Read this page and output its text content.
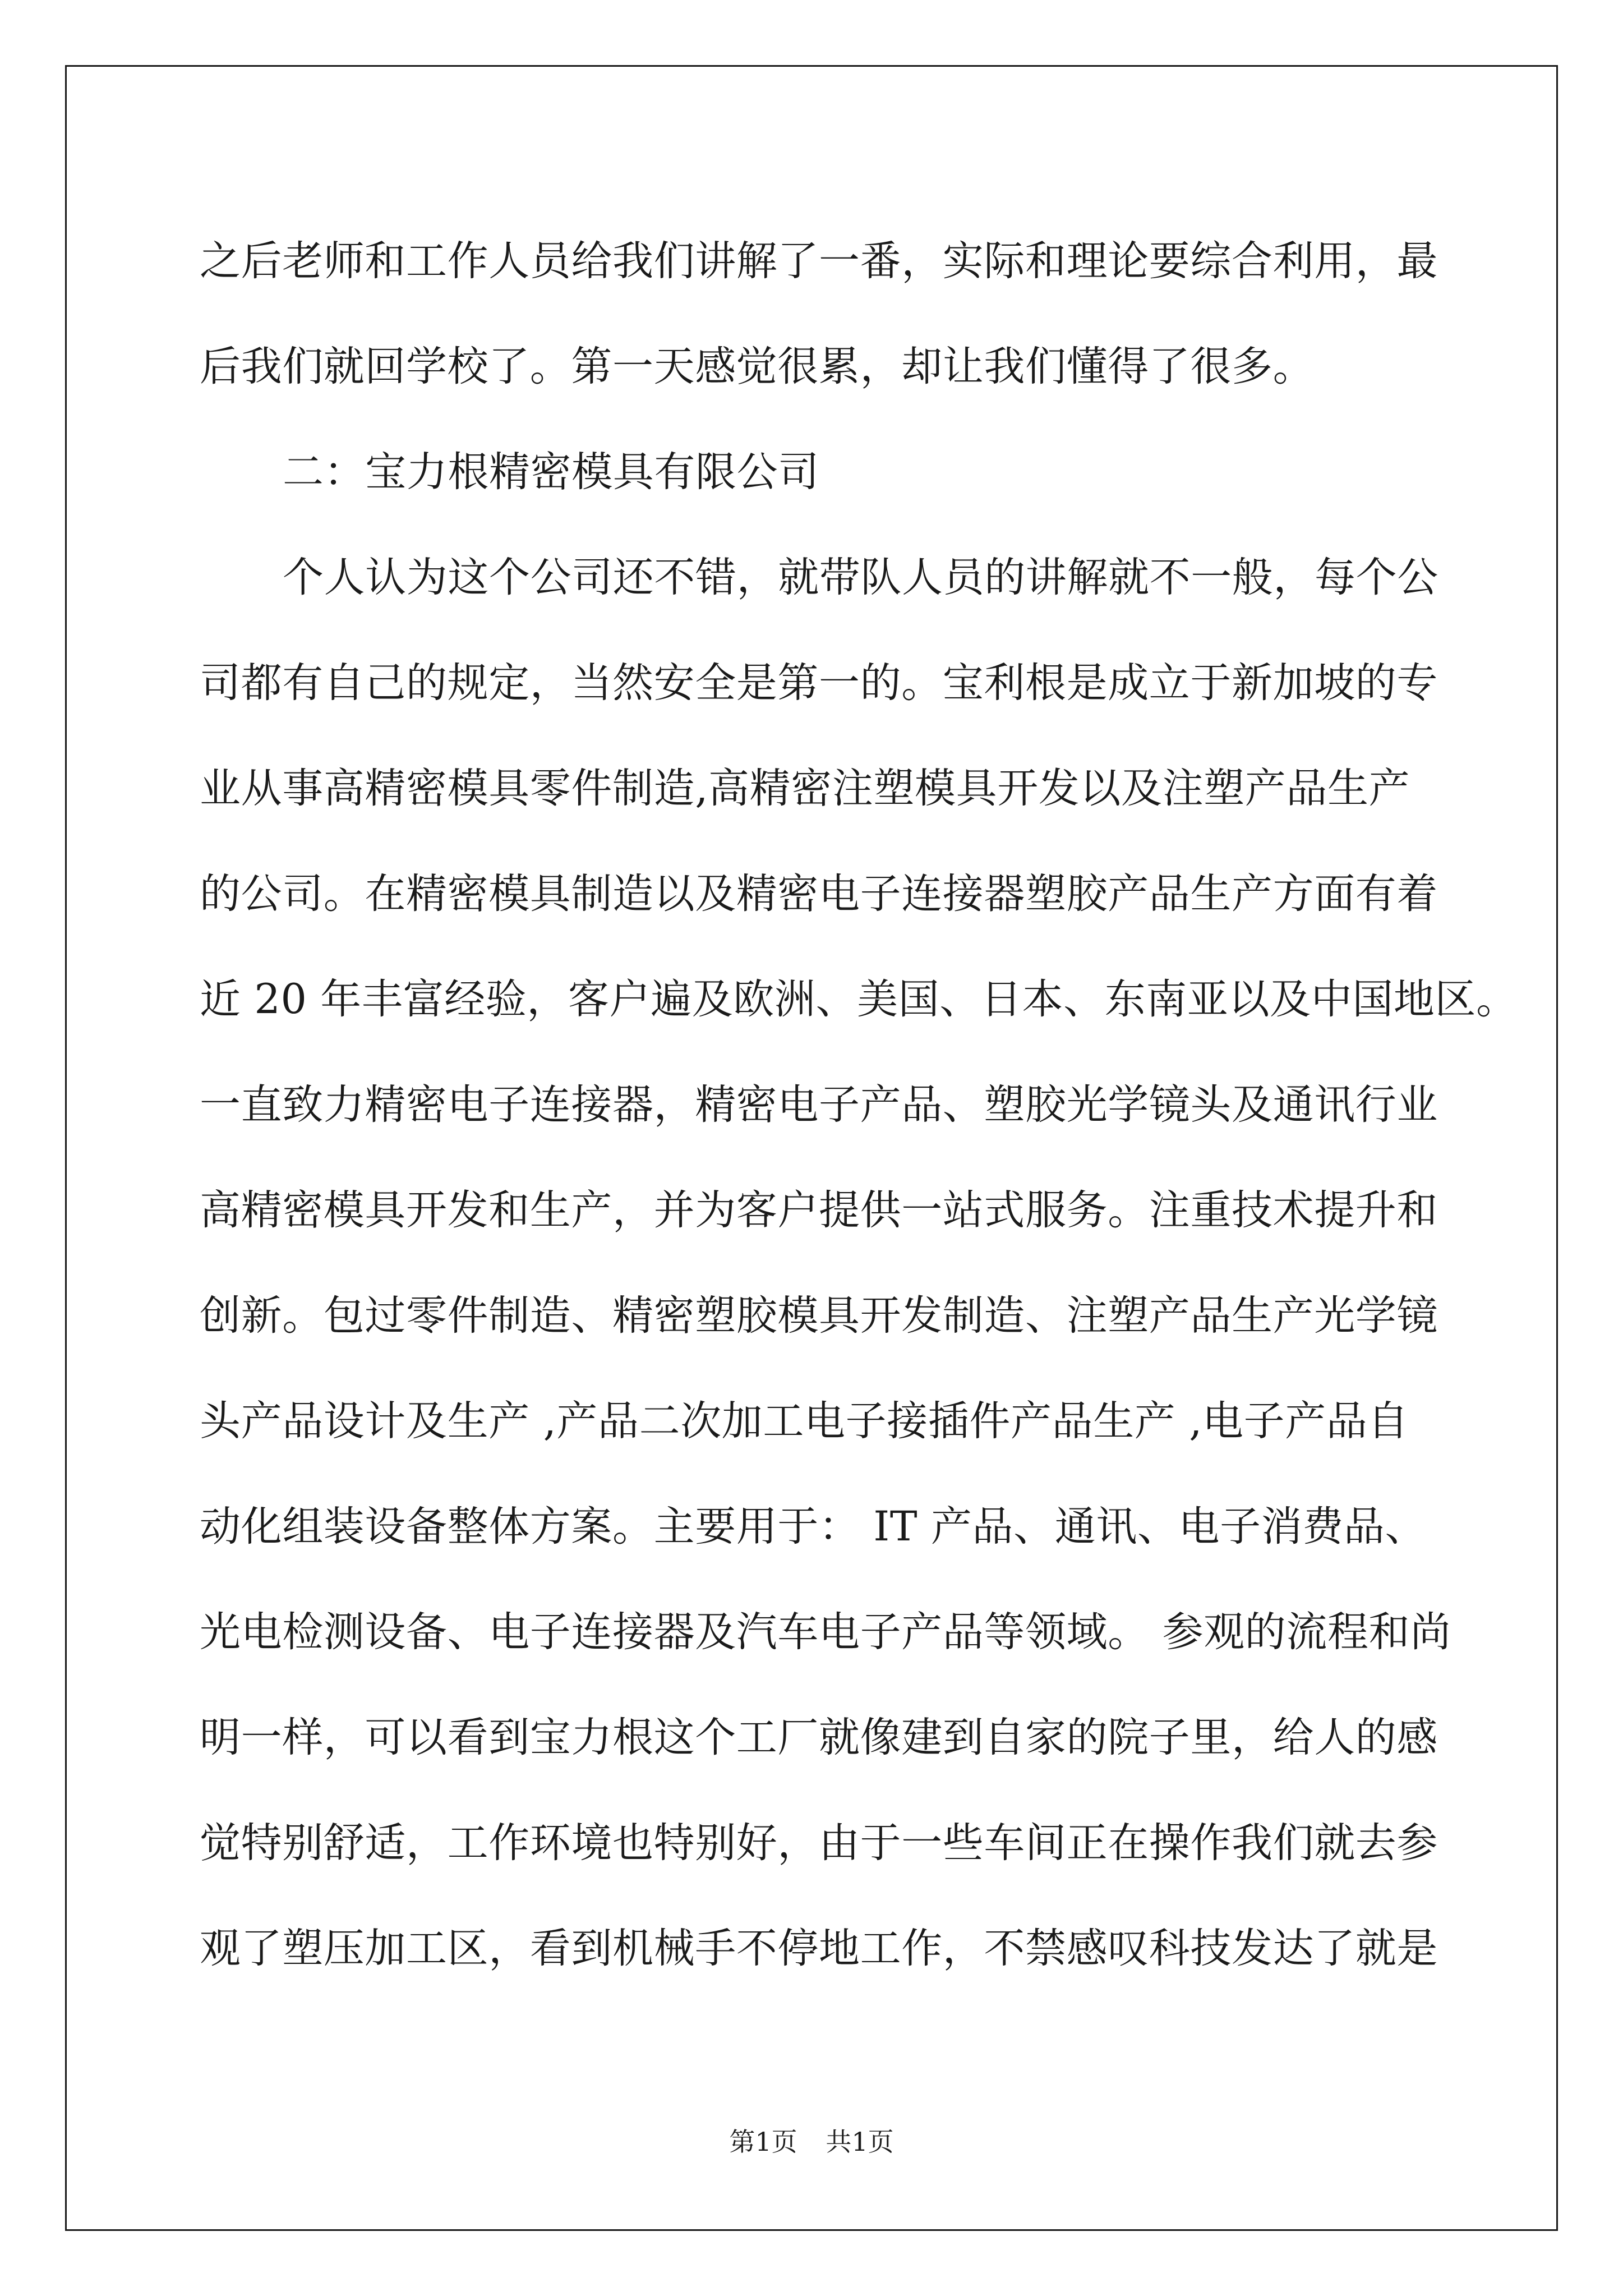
之后老师和工作人员给我们讲解了一番，实际和理论要综合利用，最
后我们就回学校了。第一天感觉很累，却让我们懂得了很多。
二：宝力根精密模具有限公司
个人认为这个公司还不错，就带队人员的讲解就不一般，每个公
司都有自己的规定，当然安全是第一的。宝利根是成立于新加坡的专
业从事高精密模具零件制造,高精密注塑模具开发以及注塑产品生产
的公司。在精密模具制造以及精密电子连接器塑胶产品生产方面有着
近 20 年丰富经验，客户遍及欧洲、美国、日本、东南亚以及中国地区。
一直致力精密电子连接器，精密电子产品、塑胶光学镜头及通讯行业
高精密模具开发和生产，并为客户提供一站式服务。注重技术提升和
创新。包过零件制造、精密塑胶模具开发制造、注塑产品生产光学镜
头产品设计及生产 ,产品二次加工电子接插件产品生产 ,电子产品自
动化组装设备整体方案。主要用于： IT 产品、通讯、电子消费品、
光电检测设备、电子连接器及汽车电子产品等领域。 参观的流程和尚
明一样，可以看到宝力根这个工厂就像建到自家的院子里，给人的感
觉特别舒适，工作环境也特别好，由于一些车间正在操作我们就去参
观了塑压加工区，看到机械手不停地工作，不禁感叹科技发达了就是
第1页 共1页
